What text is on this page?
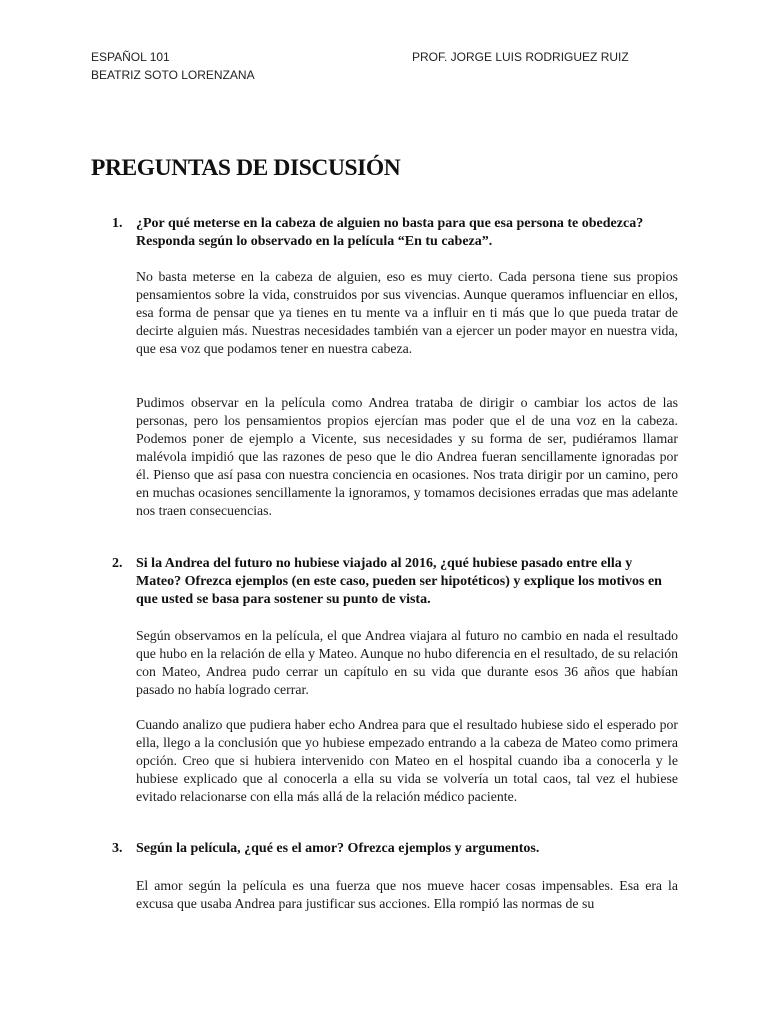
ESPAÑOL 101	PROF. JORGE LUIS RODRIGUEZ RUIZ
BEATRIZ SOTO LORENZANA
PREGUNTAS DE DISCUSIÓN
1. ¿Por qué meterse en la cabeza de alguien no basta para que esa persona te obedezca? Responda según lo observado en la película “En tu cabeza”.

No basta meterse en la cabeza de alguien, eso es muy cierto. Cada persona tiene sus propios pensamientos sobre la vida, construidos por sus vivencias. Aunque queramos influenciar en ellos, esa forma de pensar que ya tienes en tu mente va a influir en ti más que lo que pueda tratar de decirte alguien más. Nuestras necesidades también van a ejercer un poder mayor en nuestra vida, que esa voz que podamos tener en nuestra cabeza.

Pudimos observar en la película como Andrea trataba de dirigir o cambiar los actos de las personas, pero los pensamientos propios ejercían mas poder que el de una voz en la cabeza. Podemos poner de ejemplo a Vicente, sus necesidades y su forma de ser, pudiéramos llamar malévola impidió que las razones de peso que le dio Andrea fueran sencillamente ignoradas por él. Pienso que así pasa con nuestra conciencia en ocasiones. Nos trata dirigir por un camino, pero en muchas ocasiones sencillamente la ignoramos, y tomamos decisiones erradas que mas adelante nos traen consecuencias.

2. Si la Andrea del futuro no hubiese viajado al 2016, ¿qué hubiese pasado entre ella y Mateo? Ofrezca ejemplos (en este caso, pueden ser hipotéticos) y explique los motivos en que usted se basa para sostener su punto de vista.

Según observamos en la película, el que Andrea viajara al futuro no cambio en nada el resultado que hubo en la relación de ella y Mateo. Aunque no hubo diferencia en el resultado, de su relación con Mateo, Andrea pudo cerrar un capítulo en su vida que durante esos 36 años que habían pasado no había logrado cerrar.

Cuando analizo que pudiera haber echo Andrea para que el resultado hubiese sido el esperado por ella, llego a la conclusión que yo hubiese empezado entrando a la cabeza de Mateo como primera opción. Creo que si hubiera intervenido con Mateo en el hospital cuando iba a conocerla y le hubiese explicado que al conocerla a ella su vida se volvería un total caos, tal vez el hubiese evitado relacionarse con ella más allá de la relación médico paciente.

3. Según la película, ¿qué es el amor? Ofrezca ejemplos y argumentos.

El amor según la película es una fuerza que nos mueve hacer cosas impensables. Esa era la excusa que usaba Andrea para justificar sus acciones. Ella rompió las normas de su
